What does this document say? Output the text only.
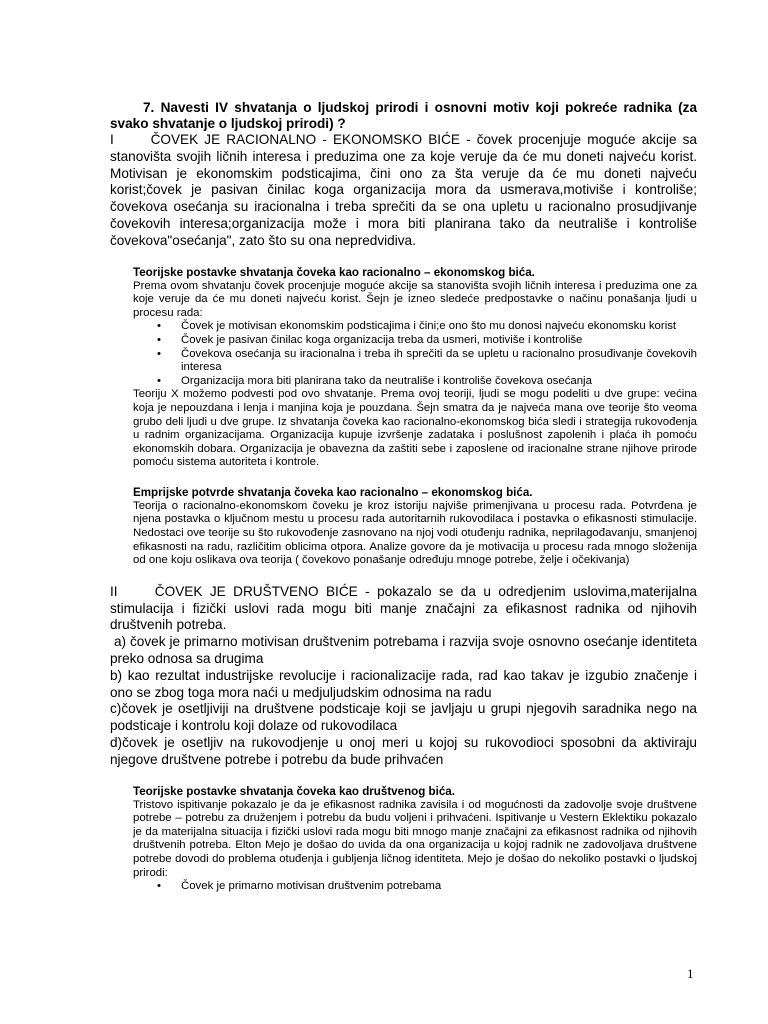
7. Navesti IV shvatanja o ljudskoj prirodi i osnovni motiv koji pokreće radnika (za svako shvatanje o ljudskoj prirodi) ?

I      ČOVEK JE RACIONALNO - EKONOMSKO BIĆE - čovek procenjuje moguće akcije sa stanovišta svojih ličnih interesa i preduzima one za koje veruje da će mu doneti najveću korist. Motivisan je ekonomskim podsticajima, čini ono za šta veruje da će mu doneti najveću korist;čovek je pasivan činilac koga organizacija mora da usmerava,motiviše i kontroliše; čovekova osećanja su iracionalna i treba sprečiti da se ona upletu u racionalno prosudjivanje čovekovih interesa;organizacija može i mora biti planirana tako da neutrališe i kontroliše čovekova"osećanja", zato što su ona nepredvidiva.

Teorijske postavke shvatanja čoveka kao racionalno – ekonomskog bića.

Prema ovom shvatanju čovek procenjuje moguće akcije sa stanovišta svojih ličnih interesa i preduzima one za koje veruje da će mu doneti najveću korist. Šejn je izneo sledeće predpostavke o načinu ponašanja ljudi u procesu rada:

• Čovek je motivisan ekonomskim podsticajima i čini;e ono što mu donosi najveću ekonomsku korist
• Čovek je pasivan činilac koga organizacija treba da usmeri, motiviše i kontroliše
• Čovekova osećanja su iracionalna i treba ih sprečiti da se upletu u racionalno prosuđivanje čovekovih interesa
• Organizacija mora biti planirana tako da neutrališe i kontroliše čovekova osećanja

Teoriju X možemo podvesti pod ovo shvatanje. Prema ovoj teoriji, ljudi se mogu podeliti u dve grupe: većina koja je nepouzdana i lenja i manjina koja je pouzdana. Šejn smatra da je najveća mana ove teorije što veoma grubo deli ljudi u dve grupe. Iz shvatanja čoveka kao racionalno-ekonomskog bića sledi i strategija rukovođenja u radnim organizacijama. Organizacija kupuje izvršenje zadataka i poslušnost zapolenih i plaća ih pomoću ekonomskih dobara. Organizacija je obavezna da zaštiti sebe i zaposlene od iracionalne strane njihove prirode pomoću sistema autoriteta i kontrole.

Emprijske potvrde shvatanja čoveka kao racionalno – ekonomskog bića.

Teorija o racionalno-ekonomskom čoveku je kroz istoriju najviše primenjivana u procesu rada. Potvrđena je njena postavka o ključnom mestu u procesu rada autoritarnih rukovodilaca i postavka o efikasnosti stimulacije. Nedostaci ove teorije su što rukovođenje zasnovano na njoj vodi otuđenju radnika, neprilagođavanju, smanjenoj efikasnosti na radu, različitim oblicima otpora. Analize govore da je motivacija u procesu rada mnogo složenija od one koju oslikava ova teorija ( čovekovo ponašanje određuju mnoge potrebe, želje i očekivanja)

II     ČOVEK JE DRUŠTVENO BIĆE - pokazalo se da u odredjenim uslovima,materijalna stimulacija i fizički uslovi rada mogu biti manje značajni za efikasnost radnika od njihovih društvenih potreba.

a) čovek je primarno motivisan društvenim potrebama i razvija svoje osnovno osećanje identiteta preko odnosa sa drugima

b) kao rezultat industrijske revolucije i racionalizacije rada, rad kao takav je izgubio značenje i ono se zbog toga mora naći u medjuljudskim odnosima na radu

c)čovek je osetljiviji na društvene podsticaje koji se javljaju u grupi njegovih saradnika nego na podsticaje i kontrolu koji dolaze od rukovodilaca

d)čovek je osetljiv na rukovodjenje u onoj meri u kojoj su rukovodioci sposobni da aktiviraju njegove društvene potrebe i potrebu da bude prihvaćen

Teorijske postavke shvatanja čoveka kao društvenog bića.

Tristovo ispitivanje pokazalo je da je efikasnost radnika zavisila i od mogućnosti da zadovolje svoje društvene potrebe – potrebu za druženjem i potrebu da budu voljeni i prihvaćeni. Ispitivanje u Vestern Eklektiku pokazalo je da materijalna situacija i fizički uslovi rada mogu biti mnogo manje značajni za efikasnost radnika od njihovih društvenih potreba. Elton Mejo je došao do uvida da ona organizacija u kojoj radnik ne zadovoljava društvene potrebe dovodi do problema otuđenja i gubljenja ličnog identiteta. Mejo je došao do nekoliko postavki o ljudskoj prirodi:

• Čovek je primarno motivisan društvenim potrebama
1
